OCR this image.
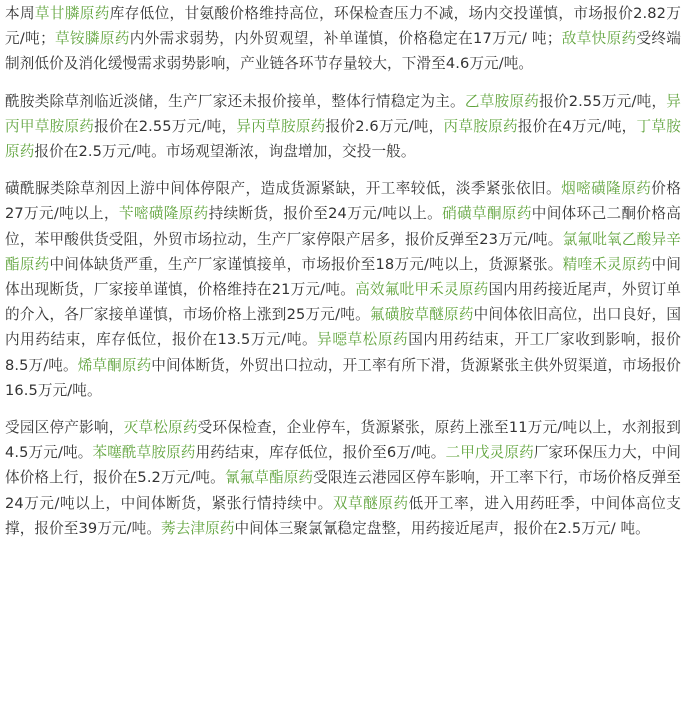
本周草甘膦原药库存低位，甘氨酸价格维持高位，环保检查压力不减，场内交投谨慎，市场报价2.82万元/吨；草铵膦原药内外需求弱势，内外贸观望，补单谨慎，价格稳定在17万元/ 吨；敌草快原药受终端制剂低价及消化缓慢需求弱势影响，产业链各环节存量较大，下滑至4.6万元/吨。

酰胺类除草剂临近淡储，生产厂家还未报价接单，整体行情稳定为主。乙草胺原药报价2.55万元/吨，异丙甲草胺原药报价在2.55万元/吨，异丙草胺原药报价2.6万元/吨，丙草胺原药报价在4万元/吨，丁草胺原药报价在2.5万元/吨。市场观望渐浓，询盘增加，交投一般。

磺酰脲类除草剂因上游中间体停限产，造成货源紧缺，开工率较低，淡季紧张依旧。烟嘧磺隆原药价格27万元/吨以上，苄嘧磺隆原药持续断货，报价至24万元/吨以上。硝磺草酮原药中间体环己二酮价格高位，苯甲酸供货受阻，外贸市场拉动，生产厂家停限产居多，报价反弹至23万元/吨。氯氟吡氧乙酸异辛酯原药中间体缺货严重，生产厂家谨慎接单，市场报价至18万元/吨以上，货源紧张。精喹禾灵原药中间体出现断货，厂家接单谨慎，价格维持在21万元/吨。高效氟吡甲禾灵原药国内用药接近尾声，外贸订单的介入，各厂家接单谨慎，市场价格上涨到25万元/吨。氟磺胺草醚原药中间体依旧高位，出口良好，国内用药结束，库存低位，报价在13.5万元/吨。异噁草松原药国内用药结束，开工厂家收到影响，报价8.5万/吨。烯草酮原药中间体断货，外贸出口拉动，开工率有所下滑，货源紧张主供外贸渠道，市场报价16.5万元/吨。

受园区停产影响，灭草松原药受环保检查，企业停车，货源紧张，原药上涨至11万元/吨以上，水剂报到4.5万元/吨。苯噻酰草胺原药用药结束，库存低位，报价至6万/吨。二甲戊灵原药厂家环保压力大，中间体价格上行，报价在5.2万元/吨。氰氟草酯原药受限连云港园区停车影响，开工率下行，市场价格反弹至24万元/吨以上，中间体断货，紧张行情持续中。双草醚原药低开工率，进入用药旺季，中间体高位支撑，报价至39万元/吨。莠去津原药中间体三聚氯氰稳定盘整，用药接近尾声，报价在2.5万元/ 吨。
